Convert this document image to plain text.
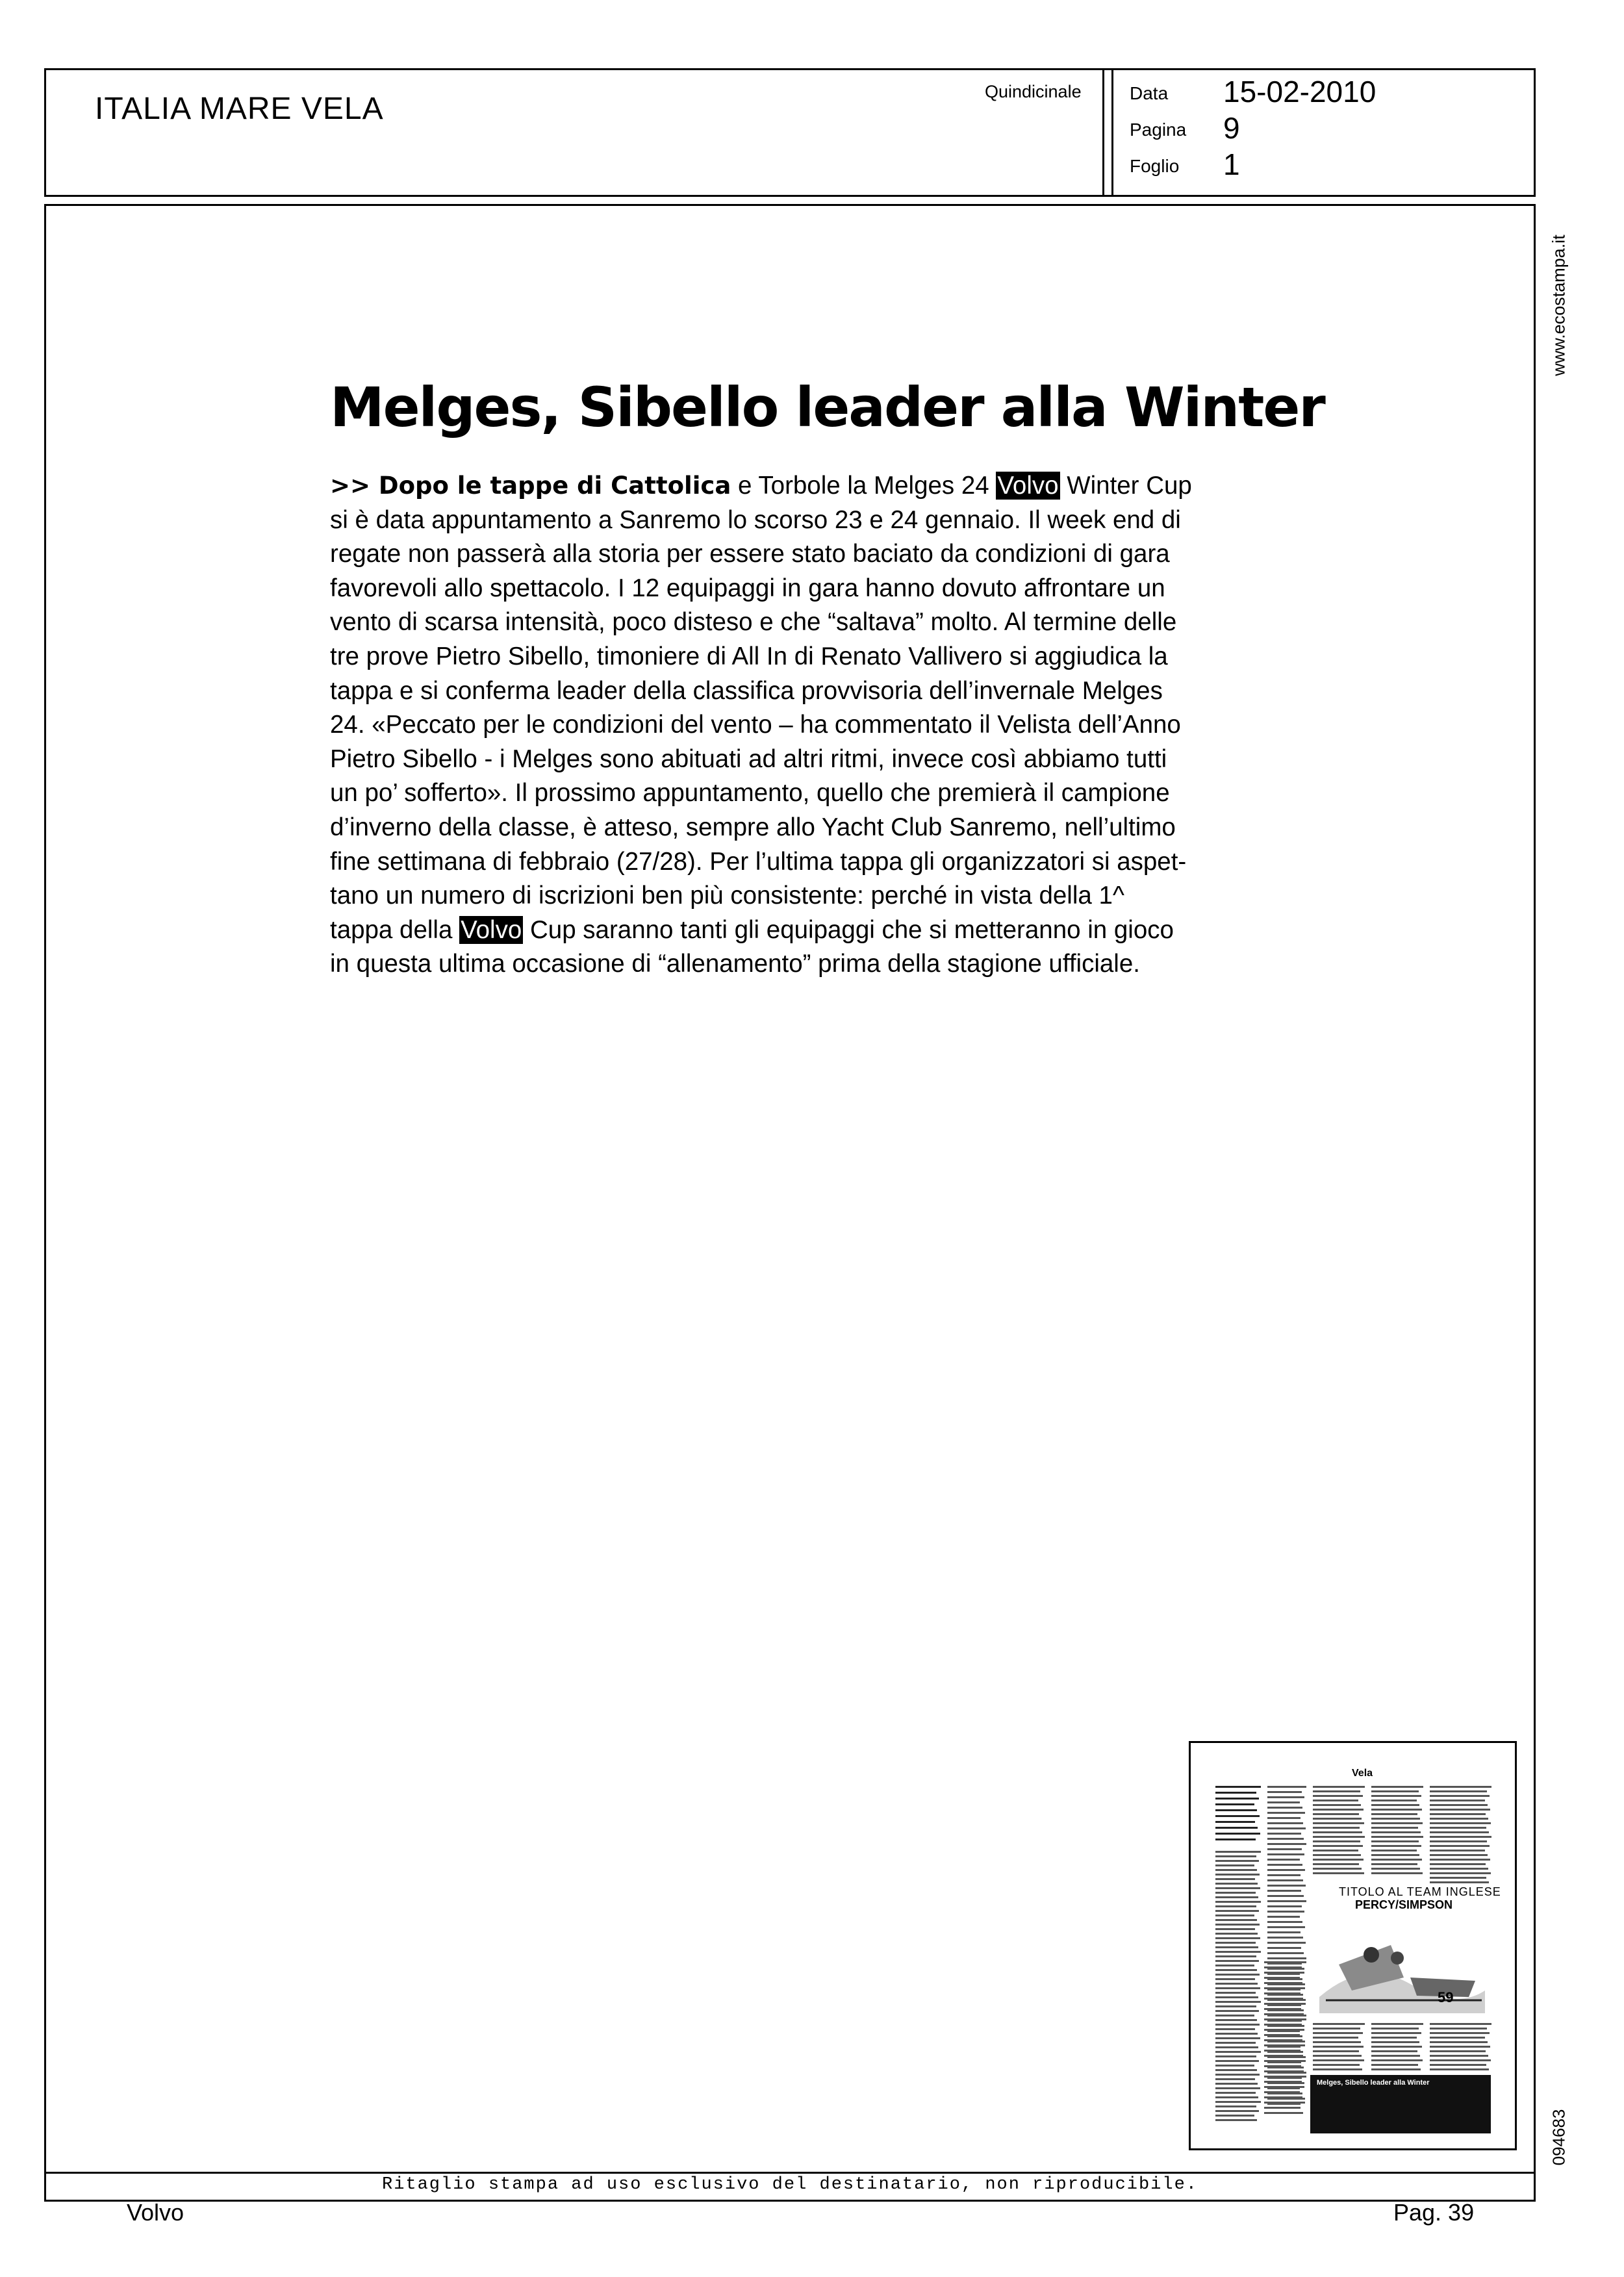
ITALIA MARE VELA	Quindicinale	Data 15-02-2010
Pagina 9
Foglio 1
www.ecostampa.it
094683
Ritaglio stampa ad uso esclusivo del destinatario, non riproducibile.
Melges, Sibello leader alla Winter
>> Dopo le tappe di Cattolica e Torbole la Melges 24 Volvo Winter Cup
si è data appuntamento a Sanremo lo scorso 23 e 24 gennaio. Il week end di
regate non passerà alla storia per essere stato baciato da condizioni di gara
favorevoli allo spettacolo. I 12 equipaggi in gara hanno dovuto affrontare un
vento di scarsa intensità, poco disteso e che “saltava” molto. Al termine delle
tre prove Pietro Sibello, timoniere di All In di Renato Vallivero si aggiudica la
tappa e si conferma leader della classifica provvisoria dell’invernale Melges
24. «Peccato per le condizioni del vento – ha commentato il Velista dell’Anno
Pietro Sibello - i Melges sono abituati ad altri ritmi, invece così abbiamo tutti
un po’ sofferto». Il prossimo appuntamento, quello che premierà il campione
d’inverno della classe, è atteso, sempre allo Yacht Club Sanremo, nell’ultimo
fine settimana di febbraio (27/28). Per l’ultima tappa gli organizzatori si aspet-
tano un numero di iscrizioni ben più consistente: perché in vista della 1^
tappa della Volvo Cup saranno tanti gli equipaggi che si metteranno in gioco
in questa ultima occasione di “allenamento” prima della stagione ufficiale.
Vela
TITOLO AL TEAM INGLESE
PERCY/SIMPSON
59
Melges, Sibello leader alla Winter
Volvo	Pag. 39
